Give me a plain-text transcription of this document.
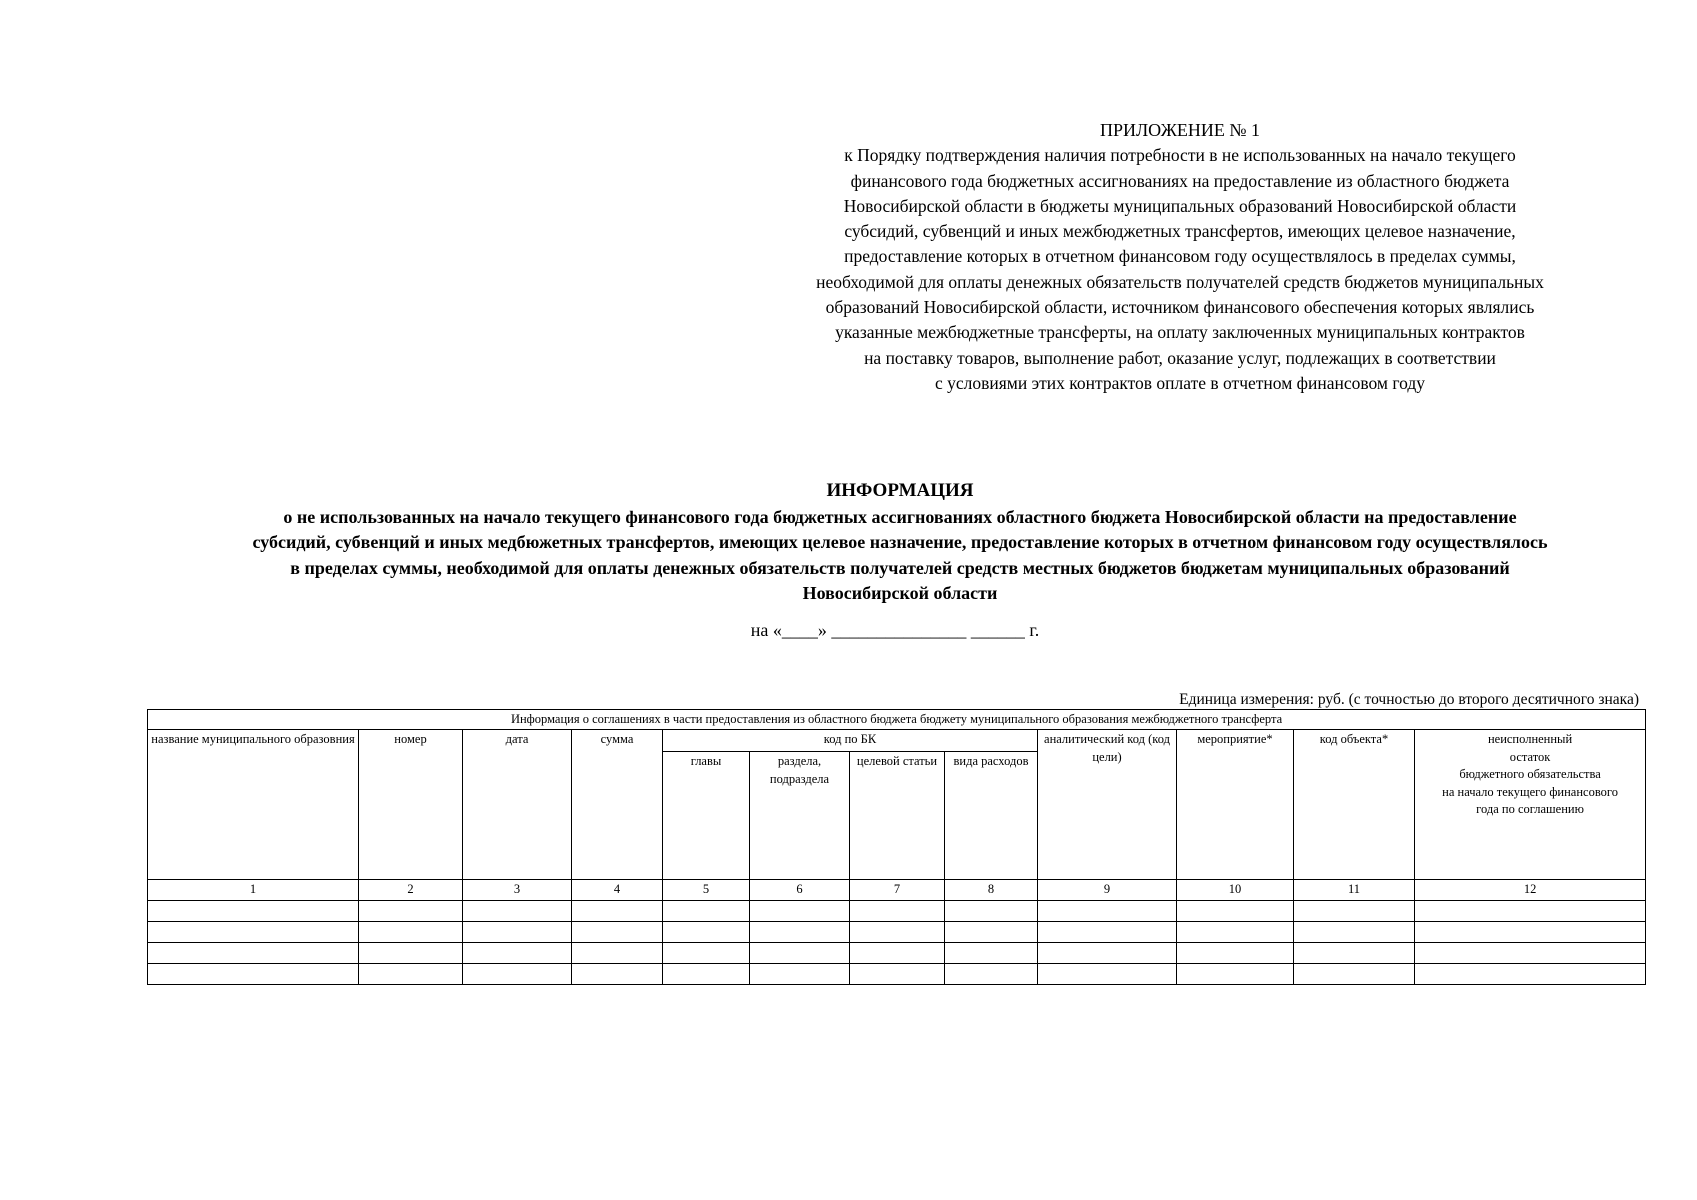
ПРИЛОЖЕНИЕ № 1
к Порядку подтверждения наличия потребности в не использованных на начало текущего
финансового года бюджетных ассигнованиях на предоставление из областного бюджета
Новосибирской области в бюджеты муниципальных образований Новосибирской области
субсидий, субвенций и иных межбюджетных трансфертов, имеющих целевое назначение,
предоставление которых в отчетном финансовом году осуществлялось в пределах суммы,
необходимой для оплаты денежных обязательств получателей средств бюджетов муниципальных
образований Новосибирской области, источником финансового обеспечения которых являлись
указанные межбюджетные трансферты, на оплату заключенных муниципальных контрактов
на поставку товаров, выполнение работ, оказание услуг, подлежащих в соответствии
с условиями этих контрактов оплате в отчетном финансовом году
ИНФОРМАЦИЯ
о не использованных на начало текущего финансового года бюджетных ассигнованиях областного бюджета Новосибирской области на предоставление
субсидий, субвенций и иных медбюжетных трансфертов, имеющих целевое назначение, предоставление которых в отчетном финансовом году осуществлялось
в пределах суммы, необходимой для оплаты денежных обязательств получателей средств местных бюджетов бюджетам муниципальных образований
Новосибирской области
на «____» _______________ ______ г.
Единица измерения: руб. (с точностью до второго десятичного знака)
Информация о соглашениях в части предоставления из областного бюджета бюджету муниципального образования межбюджетного трансферта											
название муниципального образовния	номер	дата	сумма	код по БК				аналитический код (код цели)	мероприятие*	код объекта*	неисполненный
остаток
бюджетного обязательства
на начало текущего финансового
года по соглашению

				главы	раздела, подраздела	целевой статьи	вида расходов				
1	2	3	4	5	6	7	8	9	10	11	12
